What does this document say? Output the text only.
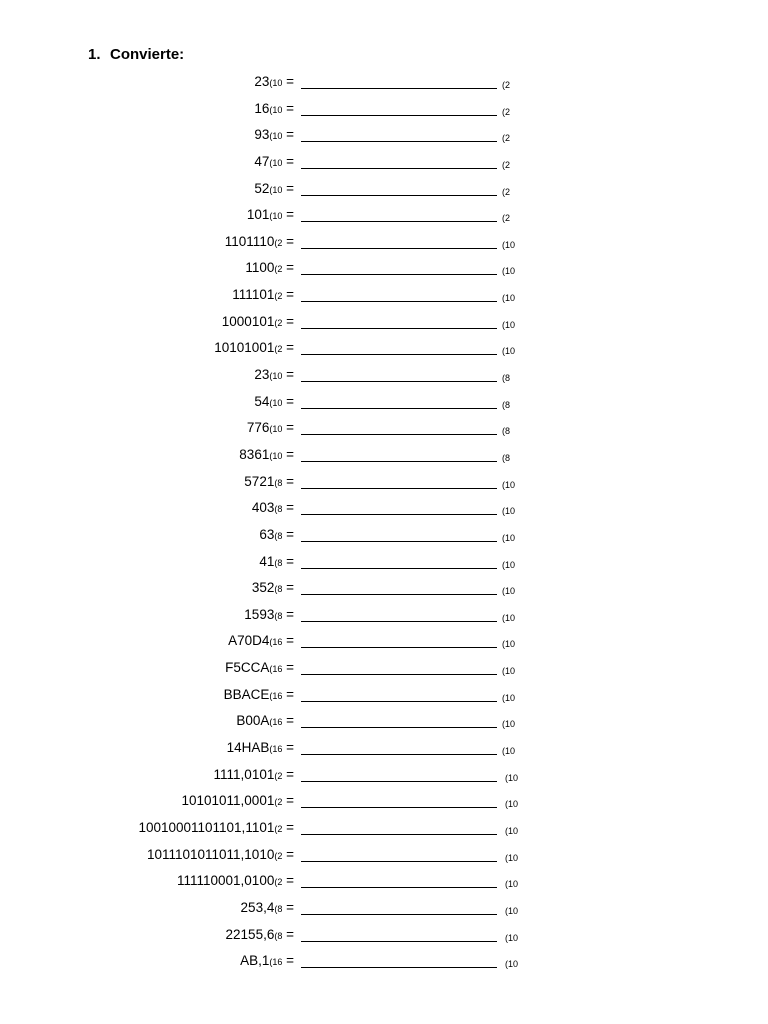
1. Convierte:
23(10 =	(2
16(10 =	(2
93(10 =	(2
47(10 =	(2
52(10 =	(2
101(10 =	(2
1101110(2 =	(10
1100(2 =	(10
111101(2 =	(10
1000101(2 =	(10
10101001(2 =	(10
23(10 =	(8
54(10 =	(8
776(10 =	(8
8361(10 =	(8
5721(8 =	(10
403(8 =	(10
63(8 =	(10
41(8 =	(10
352(8 =	(10
1593(8 =	(10
A70D4(16 =	(10
F5CCA(16 =	(10
BBACE(16 =	(10
B00A(16 =	(10
14HAB(16 =	(10
1111,0101(2 =	(10
10101011,0001(2 =	(10
10010001101101,1101(2 =	(10
1011101011011,1010(2 =	(10
111110001,0100(2 =	(10
253,4(8 =	(10
22155,6(8 =	(10
AB,1(16 =	(10
